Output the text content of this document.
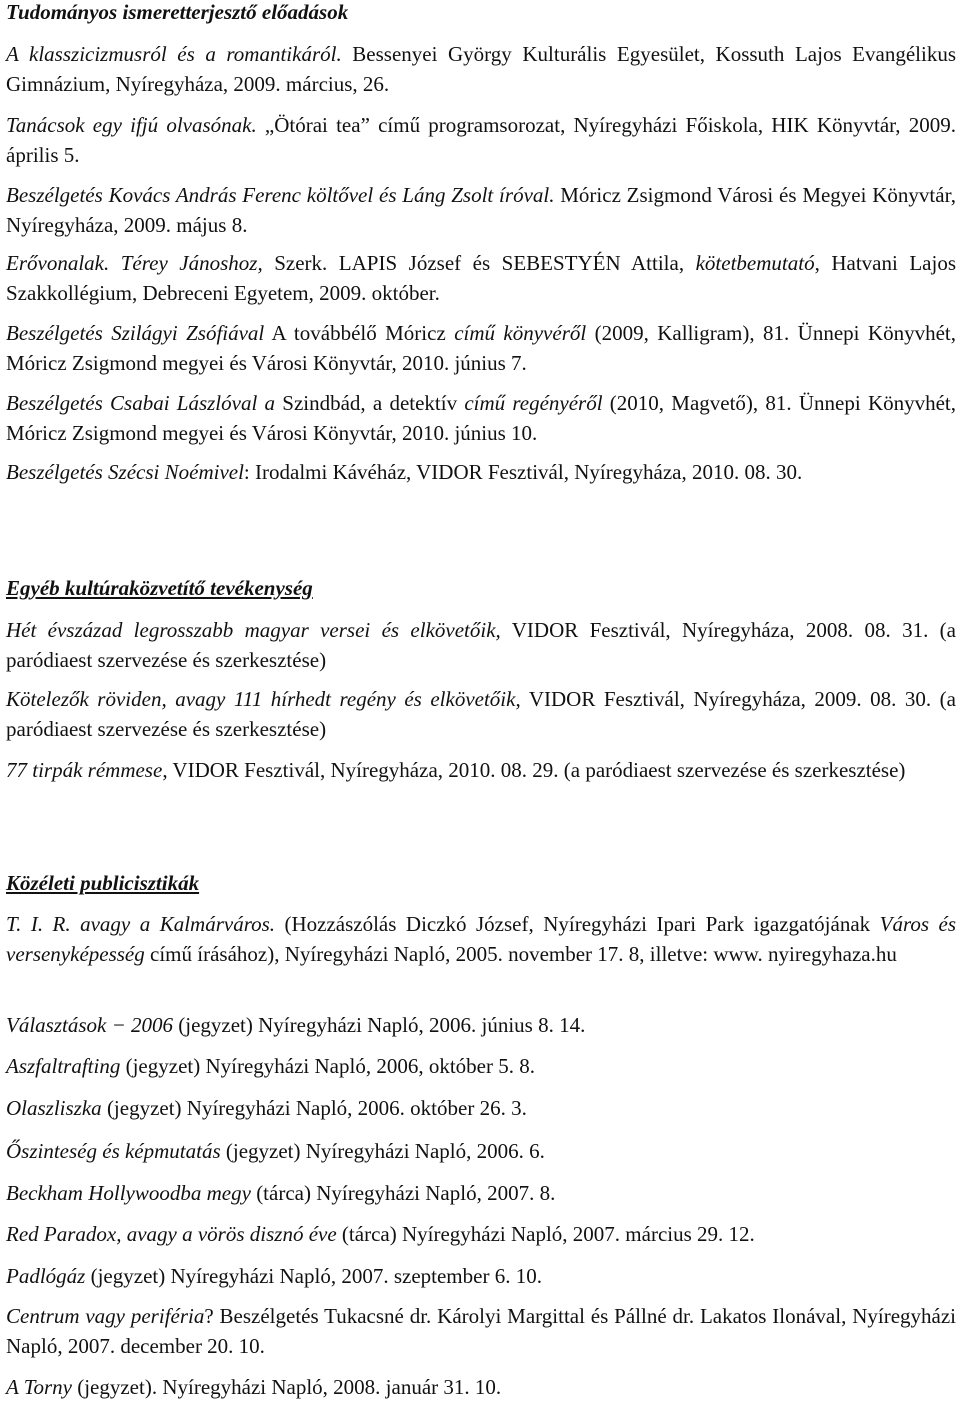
Tudományos ismeretterjesztő előadások

A klasszicizmusról és a romantikáról. Bessenyei György Kulturális Egyesület, Kossuth Lajos Evangélikus Gimnázium, Nyíregyháza, 2009. március, 26.

Tanácsok egy ifjú olvasónak. „Ötórai tea” című programsorozat, Nyíregyházi Főiskola, HIK Könyvtár, 2009. április 5.

Beszélgetés Kovács András Ferenc költővel és Láng Zsolt íróval. Móricz Zsigmond Városi és Megyei Könyvtár, Nyíregyháza, 2009. május 8.

Erővonalak. Térey Jánoshoz, Szerk. LAPIS József és SEBESTYÉN Attila, kötetbemutató, Hatvani Lajos Szakkollégium, Debreceni Egyetem, 2009. október.

Beszélgetés Szilágyi Zsófiával A továbbélő Móricz című könyvéről (2009, Kalligram), 81. Ünnepi Könyvhét, Móricz Zsigmond megyei és Városi Könyvtár, 2010. június 7.

Beszélgetés Csabai Lászlóval a Szindbád, a detektív című regényéről (2010, Magvető), 81. Ünnepi Könyvhét, Móricz Zsigmond megyei és Városi Könyvtár, 2010. június 10.

Beszélgetés Szécsi Noémivel: Irodalmi Kávéház, VIDOR Fesztivál, Nyíregyháza, 2010. 08. 30.

Egyéb kultúraközvetítő tevékenység

Hét évszázad legrosszabb magyar versei és elkövetőik, VIDOR Fesztivál, Nyíregyháza, 2008. 08. 31. (a paródiaest szervezése és szerkesztése)

Kötelezők röviden, avagy 111 hírhedt regény és elkövetőik, VIDOR Fesztivál, Nyíregyháza, 2009. 08. 30. (a paródiaest szervezése és szerkesztése)

77 tirpák rémmese, VIDOR Fesztivál, Nyíregyháza, 2010. 08. 29. (a paródiaest szervezése és szerkesztése)

Közéleti publicisztikák

T. I. R. avagy a Kalmárváros. (Hozzászólás Diczkó József, Nyíregyházi Ipari Park igazgatójának Város és versenyképesség című írásához), Nyíregyházi Napló, 2005. november 17. 8, illetve: www. nyiregyhaza.hu

Választások − 2006 (jegyzet) Nyíregyházi Napló, 2006. június 8. 14.

Aszfaltrafting (jegyzet) Nyíregyházi Napló, 2006, október 5. 8.

Olaszliszka (jegyzet) Nyíregyházi Napló, 2006. október 26. 3.

Őszinteség és képmutatás (jegyzet) Nyíregyházi Napló, 2006. 6.

Beckham Hollywoodba megy (tárca) Nyíregyházi Napló, 2007. 8.

Red Paradox, avagy a vörös disznó éve (tárca) Nyíregyházi Napló, 2007. március 29. 12.

Padlógáz (jegyzet) Nyíregyházi Napló, 2007. szeptember 6. 10.

Centrum vagy periféria? Beszélgetés Tukacsné dr. Károlyi Margittal és Pállné dr. Lakatos Ilonával, Nyíregyházi Napló, 2007. december 20. 10.

A Torny (jegyzet). Nyíregyházi Napló, 2008. január 31. 10.
